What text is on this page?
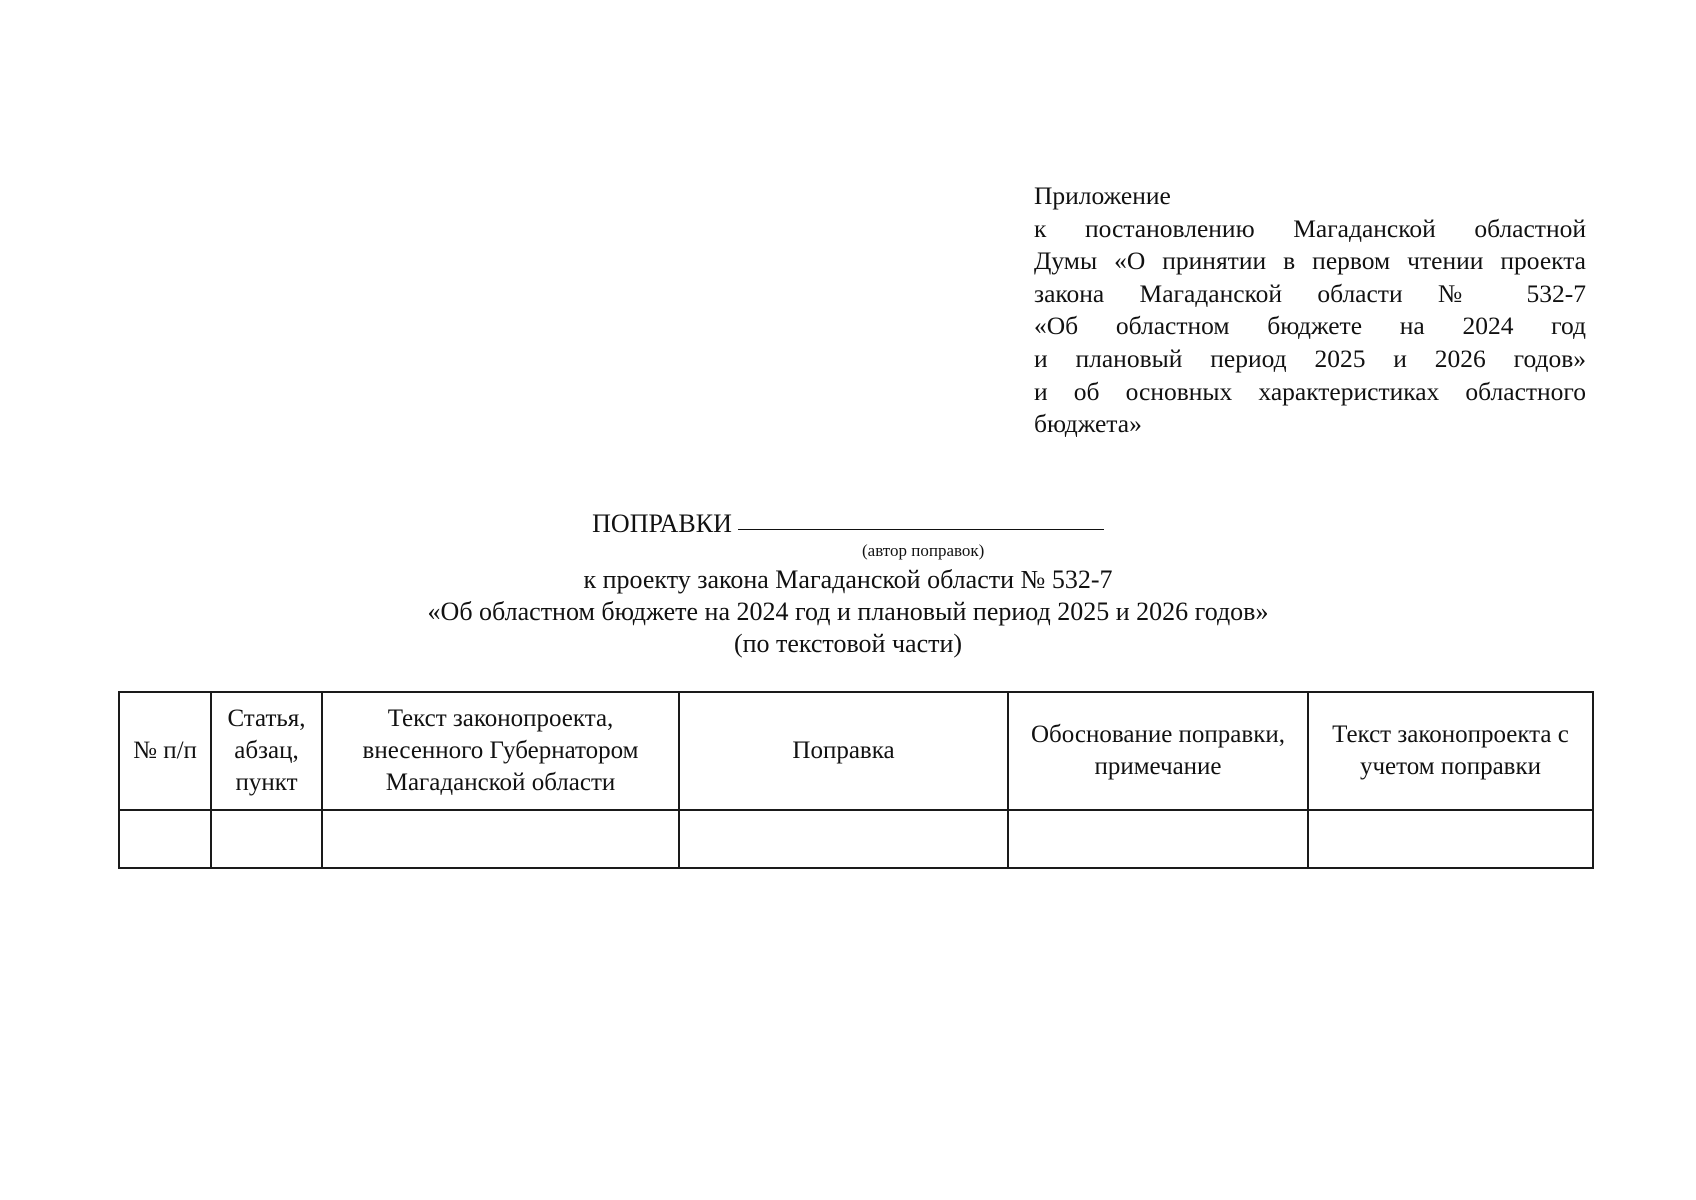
Приложение
к постановлению Магаданской областной
Думы «О принятии в первом чтении проекта
закона Магаданской области № 532-7
«Об областном бюджете на 2024 год
и плановый период 2025 и 2026 годов»
и об основных характеристиках областного
бюджета»
ПОПРАВКИ
(автор поправок)
к проекту закона Магаданской области № 532-7
«Об областном бюджете на 2024 год и плановый период 2025 и 2026 годов»
(по текстовой части)
№ п/п	Статья, абзац, пункт	Текст законопроекта, внесенного Губернатором Магаданской области	Поправка	Обоснование поправки, примечание	Текст законопроекта с учетом поправки
